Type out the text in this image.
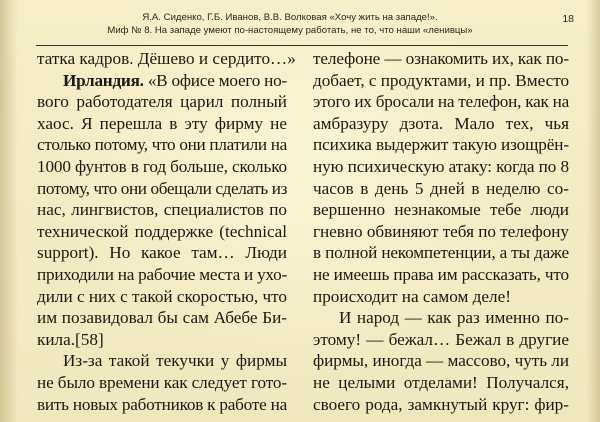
Я.А. Сиденко, Г.Б. Иванов, В.В. Волковая «Хочу жить на западе!».
Миф № 8. На западе умеют по-настоящему работать, не то, что наши «ленивцы»
18
татка кадров. Дёшево и сердито…»
Ирландия. «В офисе моего но-
вого работодателя царил полный
хаос. Я перешла в эту фирму не
столько потому, что они платили на
1000 фунтов в год больше, сколько
потому, что они обещали сделать из
нас, лингвистов, специалистов по
технической поддержке (technical
support). Но какое там… Люди
приходили на рабочие места и ухо-
дили с них с такой скоростью, что
им позавидовал бы сам Абебе Би-
кила.[58]
Из-за такой текучки у фирмы
не было времени как следует гото-
вить новых работников к работе на
телефоне — ознакомить их, как по-
добает, с продуктами, и пр. Вместо
этого их бросали на телефон, как на
амбразуру дзота. Мало тех, чья
психика выдержит такую изощрён-
ную психическую атаку: когда по 8
часов в день 5 дней в неделю со-
вершенно незнакомые тебе люди
гневно обвиняют тебя по телефону
в полной некомпетенции, а ты даже
не имеешь права им рассказать, что
происходит на самом деле!
И народ — как раз именно по-
этому! — бежал… Бежал в другие
фирмы, иногда — массово, чуть ли
не целыми отделами! Получался,
своего рода, замкнутый круг: фир-
